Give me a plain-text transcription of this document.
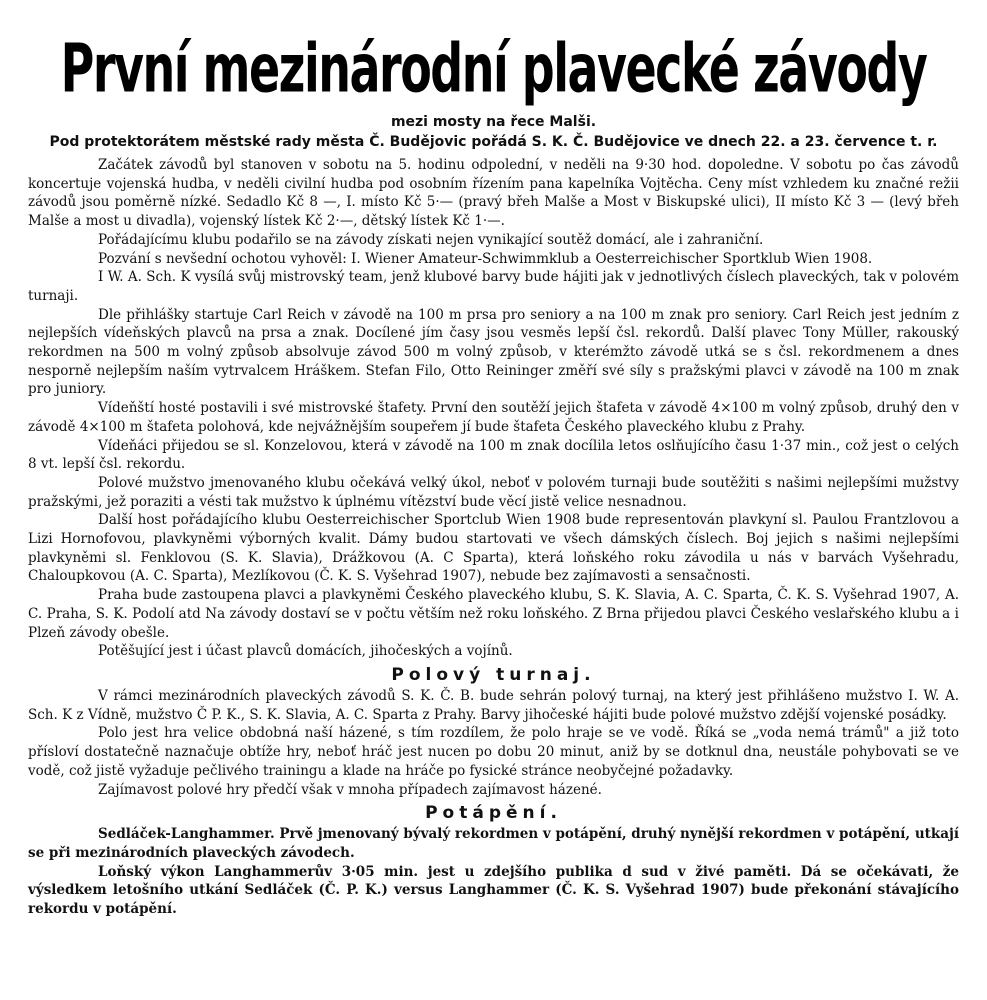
První mezinárodní plavecké závody
mezi mosty na řece Malši.
Pod protektorátem městské rady města Č. Budějovic pořádá S. K. Č. Budějovice ve dnech 22. a 23. července t. r.

Začátek závodů byl stanoven v sobotu na 5. hodinu odpolední, v neděli na 9·30 hod. dopoledne. V sobotu po čas závodů koncertuje vojenská hudba, v neděli civilní hudba pod osobním řízením pana kapelníka Vojtěcha. Ceny míst vzhledem ku značné režii závodů jsou poměrně nízké. Sedadlo Kč 8 —, I. místo Kč 5·— (pravý břeh Malše a Most v Biskupské ulici), II místo Kč 3 — (levý břeh Malše a most u divadla), vojenský lístek Kč 2·—, dětský lístek Kč 1·—.

Pořádajícímu klubu podařilo se na závody získati nejen vynikající soutěž domácí, ale i zahraniční.

Pozvání s nevšední ochotou vyhověl: I. Wiener Amateur-Schwimmklub a Oesterreichischer Sportklub Wien 1908.

I W. A. Sch. K vysílá svůj mistrovský team, jenž klubové barvy bude hájiti jak v jednotlivých číslech plaveckých, tak v polovém turnaji.

Dle přihlášky startuje Carl Reich v závodě na 100 m prsa pro seniory a na 100 m znak pro seniory. Carl Reich jest jedním z nejlepších vídeňských plavců na prsa a znak. Docílené jím časy jsou vesměs lepší čsl. rekordů. Další plavec Tony Müller, rakouský rekordmen na 500 m volný způsob absolvuje závod 500 m volný způsob, v kterémžto závodě utká se s čsl. rekordmenem a dnes nesporně nejlepším naším vytrvalcem Hráškem. Stefan Filo, Otto Reininger změří své síly s pražskými plavci v závodě na 100 m znak pro juniory.

Vídeňští hosté postavili i své mistrovské štafety. První den soutěží jejich štafeta v závodě 4×100 m volný způsob, druhý den v závodě 4×100 m štafeta polohová, kde nejvážnějším soupeřem jí bude štafeta Českého plaveckého klubu z Prahy.

Vídeňáci přijedou se sl. Konzelovou, která v závodě na 100 m znak docílila letos oslňujícího času 1·37 min., což jest o celých 8 vt. lepší čsl. rekordu.

Polové mužstvo jmenovaného klubu očekává velký úkol, neboť v polovém turnaji bude soutěžiti s našimi nejlepšími mužstvy pražskými, jež poraziti a vésti tak mužstvo k úplnému vítězství bude věcí jistě velice nesnadnou.

Další host pořádajícího klubu Oesterreichischer Sportclub Wien 1908 bude representován plavkyní sl. Paulou Frantzlovou a Lizi Hornofovou, plavkyněmi výborných kvalit. Dámy budou startovati ve všech dámských číslech. Boj jejich s našimi nejlepšími plavkyněmi sl. Fenklovou (S. K. Slavia), Drážkovou (A. C Sparta), která loňského roku závodila u nás v barvách Vyšehradu, Chaloupkovou (A. C. Sparta), Mezlíkovou (Č. K. S. Vyšehrad 1907), nebude bez zajímavosti a sensačnosti.

Praha bude zastoupena plavci a plavkyněmi Českého plaveckého klubu, S. K. Slavia, A. C. Sparta, Č. K. S. Vyšehrad 1907, A. C. Praha, S. K. Podolí atd Na závody dostaví se v počtu větším než roku loňského. Z Brna přijedou plavci Českého veslařského klubu a i Plzeň závody obešle.

Potěšující jest i účast plavců domácích, jihočeských a vojínů.

Polový turnaj.

V rámci mezinárodních plaveckých závodů S. K. Č. B. bude sehrán polový turnaj, na který jest přihlášeno mužstvo I. W. A. Sch. K z Vídně, mužstvo Č P. K., S. K. Slavia, A. C. Sparta z Prahy. Barvy jihočeské hájiti bude polové mužstvo zdější vojenské posádky.

Polo jest hra velice obdobná naší házené, s tím rozdílem, že polo hraje se ve vodě. Říká se „voda nemá trámů" a již toto přísloví dostatečně naznačuje obtíže hry, neboť hráč jest nucen po dobu 20 minut, aniž by se dotknul dna, neustále pohybovati se ve vodě, což jistě vyžaduje pečlivého trainingu a klade na hráče po fysické stránce neobyčejné požadavky.

Zajímavost polové hry předčí však v mnoha případech zajímavost házené.

Potápění.

Sedláček-Langhammer. Prvě jmenovaný bývalý rekordmen v potápění, druhý nynější rekordmen v potápění, utkají se při mezinárodních plaveckých závodech.

Loňský výkon Langhammerův 3·05 min. jest u zdejšího publika d sud v živé paměti. Dá se očekávati, že výsledkem letošního utkání Sedláček (Č. P. K.) versus Langhammer (Č. K. S. Vyšehrad 1907) bude překonání stávajícího rekordu v potápění.
